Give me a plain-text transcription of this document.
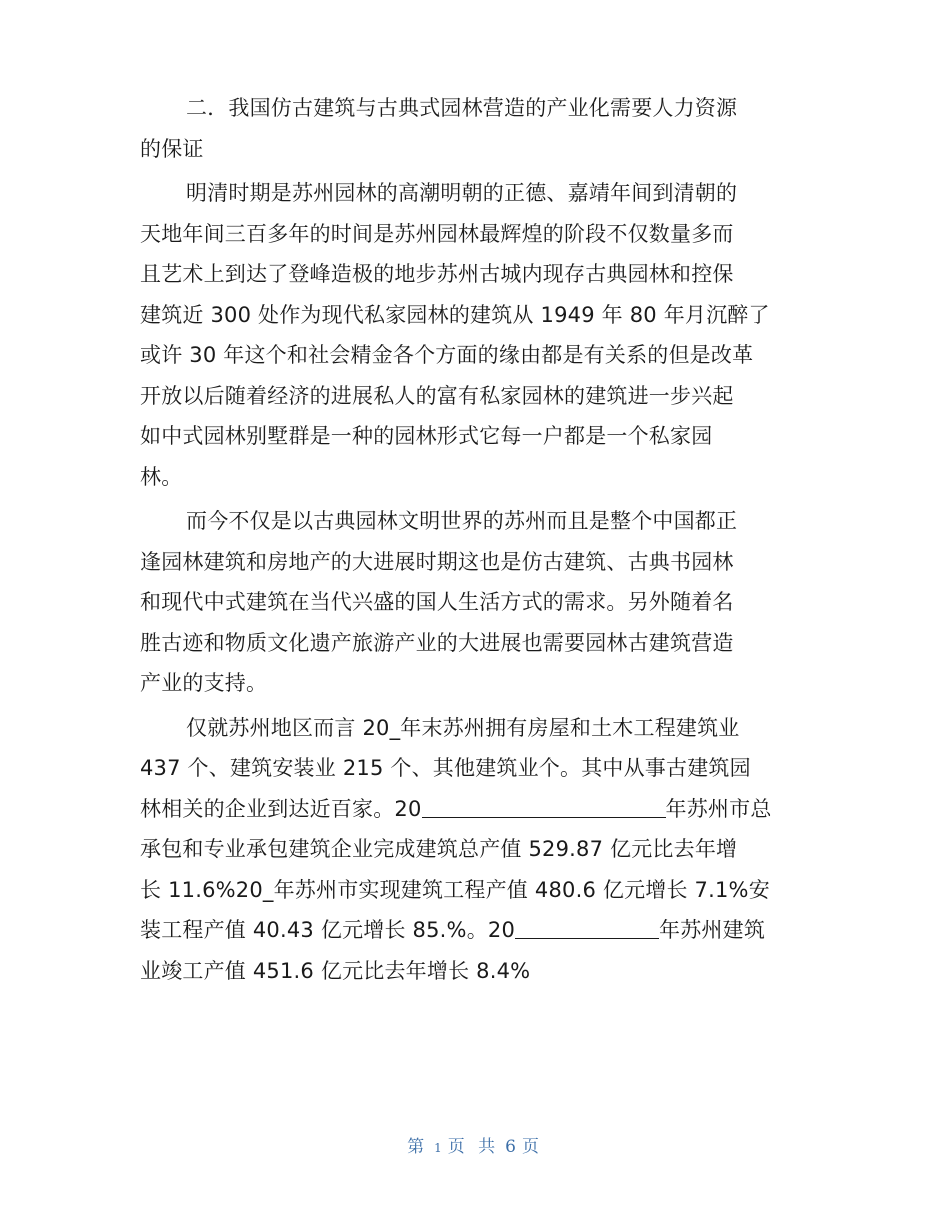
二．我国仿古建筑与古典式园林营造的产业化需要人力资源
的保证

明清时期是苏州园林的高潮明朝的正德、嘉靖年间到清朝的
天地年间三百多年的时间是苏州园林最辉煌的阶段不仅数量多而
且艺术上到达了登峰造极的地步苏州古城内现存古典园林和控保
建筑近 300 处作为现代私家园林的建筑从 1949 年 80 年月沉醉了
或许 30 年这个和社会精金各个方面的缘由都是有关系的但是改革
开放以后随着经济的进展私人的富有私家园林的建筑进一步兴起
如中式园林别墅群是一种的园林形式它每一户都是一个私家园
林。

而今不仅是以古典园林文明世界的苏州而且是整个中国都正
逢园林建筑和房地产的大进展时期这也是仿古建筑、古典书园林
和现代中式建筑在当代兴盛的国人生活方式的需求。另外随着名
胜古迹和物质文化遗产旅游产业的大进展也需要园林古建筑营造
产业的支持。

仅就苏州地区而言 20_年末苏州拥有房屋和土木工程建筑业
437 个、建筑安装业 215 个、其他建筑业个。其中从事古建筑园
林相关的企业到达近百家。20	年苏州市总
承包和专业承包建筑企业完成建筑总产值 529.87 亿元比去年增
长 11.6%20_年苏州市实现建筑工程产值 480.6 亿元增长 7.1%安
装工程产值 40.43 亿元增长 85.%。20	年苏州建筑
业竣工产值 451.6 亿元比去年增长 8.4%

第 1 页 共 6 页
